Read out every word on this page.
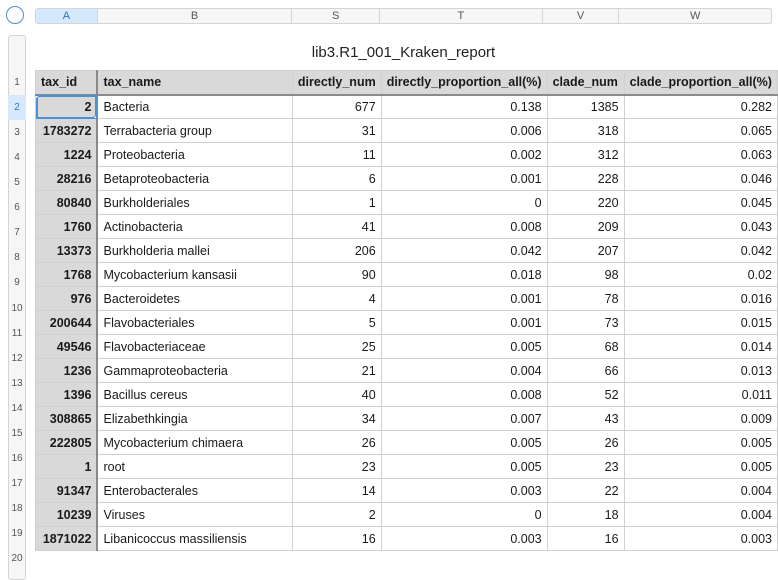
A	B	S	T	V	W
1
2
3
4
5
6
7
8
9
10
11
12
13
14
15
16
17
18
19
20
lib3.R1_001_Kraken_report
tax_id	tax_name	directly_num	directly_proportion_all(%)	clade_num	clade_proportion_all(%)
2	Bacteria	677	0.138	1385	0.282
1783272	Terrabacteria group	31	0.006	318	0.065
1224	Proteobacteria	11	0.002	312	0.063
28216	Betaproteobacteria	6	0.001	228	0.046
80840	Burkholderiales	1	0	220	0.045
1760	Actinobacteria	41	0.008	209	0.043
13373	Burkholderia mallei	206	0.042	207	0.042
1768	Mycobacterium kansasii	90	0.018	98	0.02
976	Bacteroidetes	4	0.001	78	0.016
200644	Flavobacteriales	5	0.001	73	0.015
49546	Flavobacteriaceae	25	0.005	68	0.014
1236	Gammaproteobacteria	21	0.004	66	0.013
1396	Bacillus cereus	40	0.008	52	0.011
308865	Elizabethkingia	34	0.007	43	0.009
222805	Mycobacterium chimaera	26	0.005	26	0.005
1	root	23	0.005	23	0.005
91347	Enterobacterales	14	0.003	22	0.004
10239	Viruses	2	0	18	0.004
1871022	Libanicoccus massiliensis	16	0.003	16	0.003
